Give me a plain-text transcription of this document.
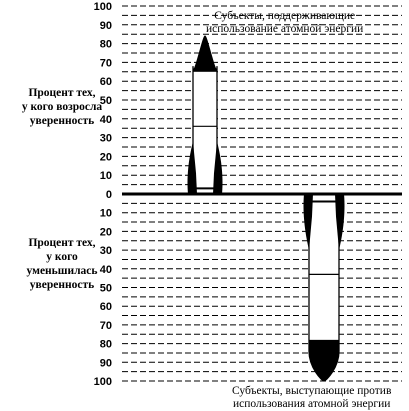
100
90
80
70
60
50
40
30
20
10
0
10
20
30
40
50
60
70
80
90
100
Процент тех,
у кого возросла
уверенность
Процент тех,
у кого
уменьшилась
уверенность
Субъекты, поддерживающие
использование атомной энергии
Субъекты, выступающие против
использования атомной энергии
